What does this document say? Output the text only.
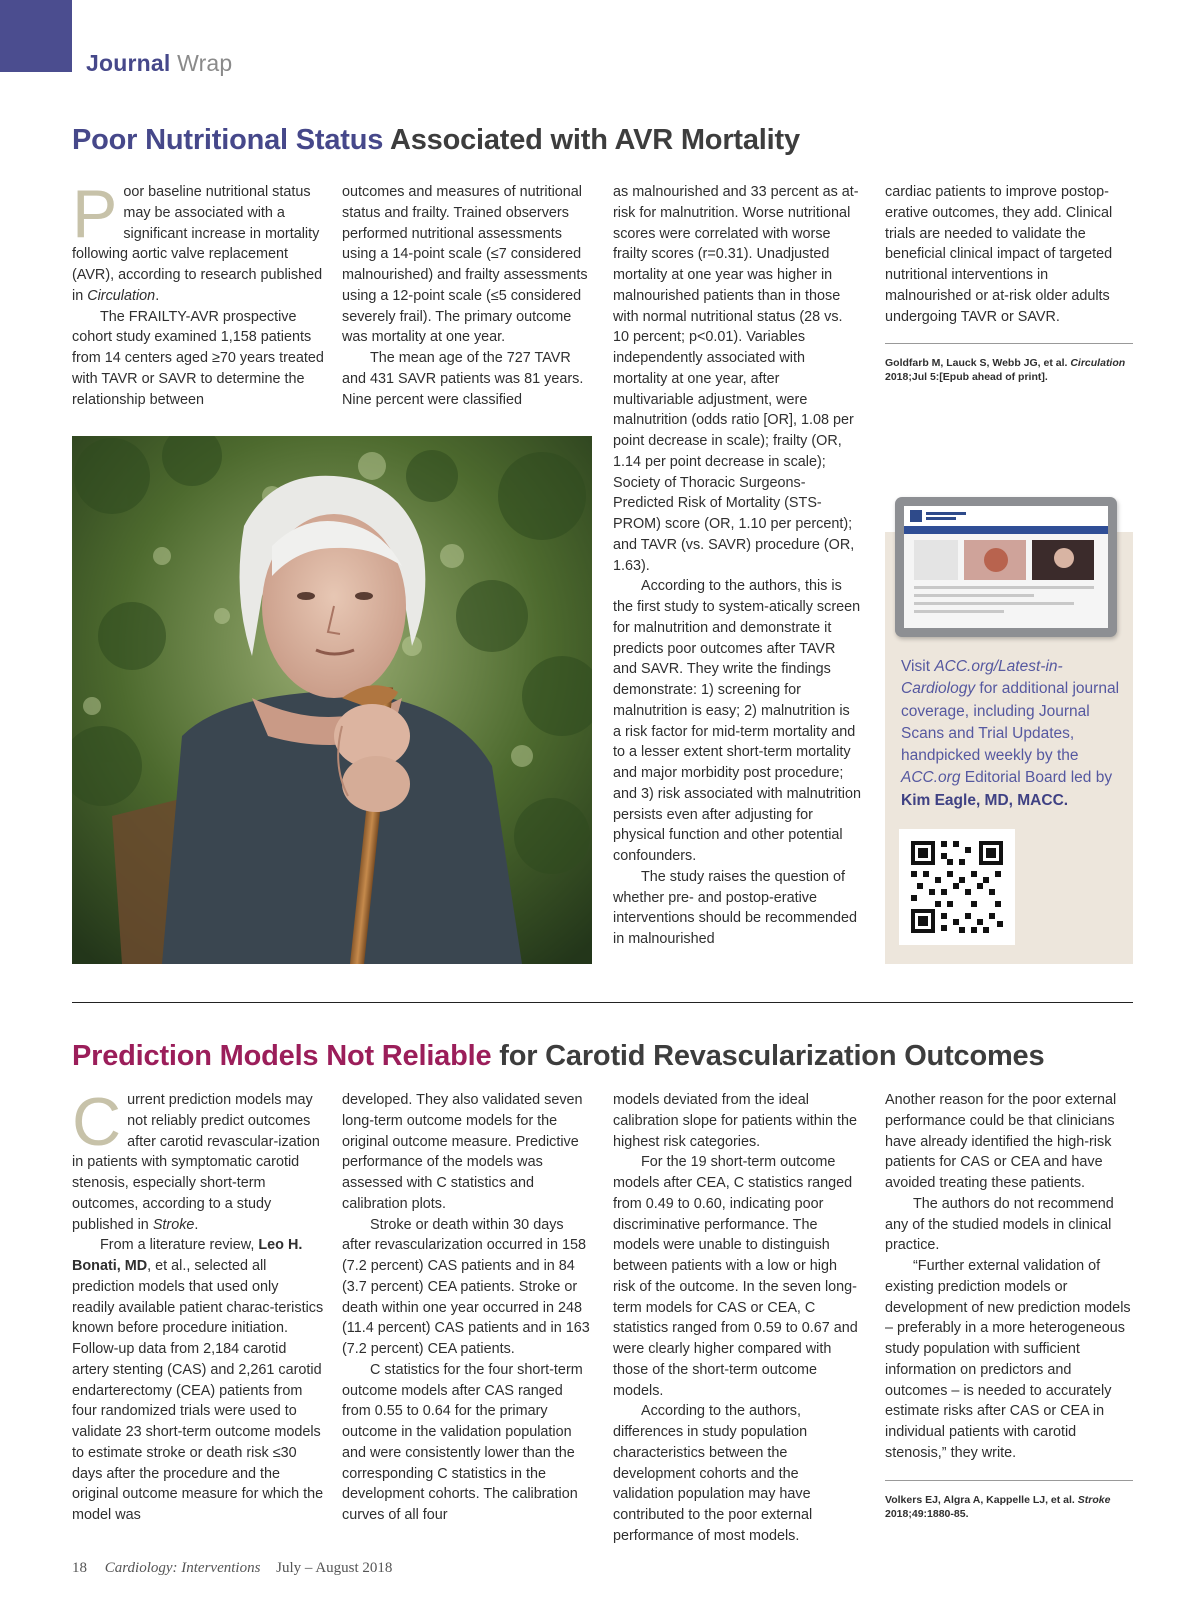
Journal Wrap
Poor Nutritional Status Associated with AVR Mortality

Poor baseline nutritional status may be associated with a significant increase in mortality following aortic valve replacement (AVR), according to research published in Circulation.

The FRAILTY-AVR prospective cohort study examined 1,158 patients from 14 centers aged ≥70 years treated with TAVR or SAVR to determine the relationship between

outcomes and measures of nutritional status and frailty. Trained observers performed nutritional assessments using a 14-point scale (≤7 considered malnourished) and frailty assessments using a 12-point scale (≤5 considered severely frail). The primary outcome was mortality at one year.

The mean age of the 727 TAVR and 431 SAVR patients was 81 years. Nine percent were classified

as malnourished and 33 percent as at-risk for malnutrition. Worse nutritional scores were correlated with worse frailty scores (r=0.31). Unadjusted mortality at one year was higher in malnourished patients than in those with normal nutritional status (28 vs. 10 percent; p<0.01). Variables independently associated with mortality at one year, after multivariable adjustment, were malnutrition (odds ratio [OR], 1.08 per point decrease in scale); frailty (OR, 1.14 per point decrease in scale); Society of Thoracic Surgeons-Predicted Risk of Mortality (STS-PROM) score (OR, 1.10 per percent); and TAVR (vs. SAVR) procedure (OR, 1.63).

According to the authors, this is the first study to system-atically screen for malnutrition and demonstrate it predicts poor outcomes after TAVR and SAVR. They write the findings demonstrate: 1) screening for malnutrition is easy; 2) malnutrition is a risk factor for mid-term mortality and to a lesser extent short-term mortality and major morbidity post procedure; and 3) risk associated with malnutrition persists even after adjusting for physical function and other potential confounders.

The study raises the question of whether pre- and postop-erative interventions should be recommended in malnourished

cardiac patients to improve postop-erative outcomes, they add. Clinical trials are needed to validate the beneficial clinical impact of targeted nutritional interventions in malnourished or at-risk older adults undergoing TAVR or SAVR.

Goldfarb M, Lauck S, Webb JG, et al. Circulation 2018;Jul 5:[Epub ahead of print].
Visit ACC.org/Latest-in-Cardiology for additional journal coverage, including Journal Scans and Trial Updates, handpicked weekly by the ACC.org Editorial Board led by Kim Eagle, MD, MACC.
Prediction Models Not Reliable for Carotid Revascularization Outcomes

Current prediction models may not reliably predict outcomes after carotid revascular-ization in patients with symptomatic carotid stenosis, especially short-term outcomes, according to a study published in Stroke.

From a literature review, Leo H. Bonati, MD, et al., selected all prediction models that used only readily available patient charac-teristics known before procedure initiation. Follow-up data from 2,184 carotid artery stenting (CAS) and 2,261 carotid endarterectomy (CEA) patients from four randomized trials were used to validate 23 short-term outcome models to estimate stroke or death risk ≤30 days after the procedure and the original outcome measure for which the model was

developed. They also validated seven long-term outcome models for the original outcome measure. Predictive performance of the models was assessed with C statistics and calibration plots.

Stroke or death within 30 days after revascularization occurred in 158 (7.2 percent) CAS patients and in 84 (3.7 percent) CEA patients. Stroke or death within one year occurred in 248 (11.4 percent) CAS patients and in 163 (7.2 percent) CEA patients.

C statistics for the four short-term outcome models after CAS ranged from 0.55 to 0.64 for the primary outcome in the validation population and were consistently lower than the corresponding C statistics in the development cohorts. The calibration curves of all four

models deviated from the ideal calibration slope for patients within the highest risk categories.

For the 19 short-term outcome models after CEA, C statistics ranged from 0.49 to 0.60, indicating poor discriminative performance. The models were unable to distinguish between patients with a low or high risk of the outcome. In the seven long-term models for CAS or CEA, C statistics ranged from 0.59 to 0.67 and were clearly higher compared with those of the short-term outcome models.

According to the authors, differences in study population characteristics between the development cohorts and the validation population may have contributed to the poor external performance of most models.

Another reason for the poor external performance could be that clinicians have already identified the high-risk patients for CAS or CEA and have avoided treating these patients.

The authors do not recommend any of the studied models in clinical practice.

“Further external validation of existing prediction models or development of new prediction models – preferably in a more heterogeneous study population with sufficient information on predictors and outcomes – is needed to accurately estimate risks after CAS or CEA in individual patients with carotid stenosis,” they write.

Volkers EJ, Algra A, Kappelle LJ, et al. Stroke 2018;49:1880-85.
18 Cardiology: Interventions July – August 2018
